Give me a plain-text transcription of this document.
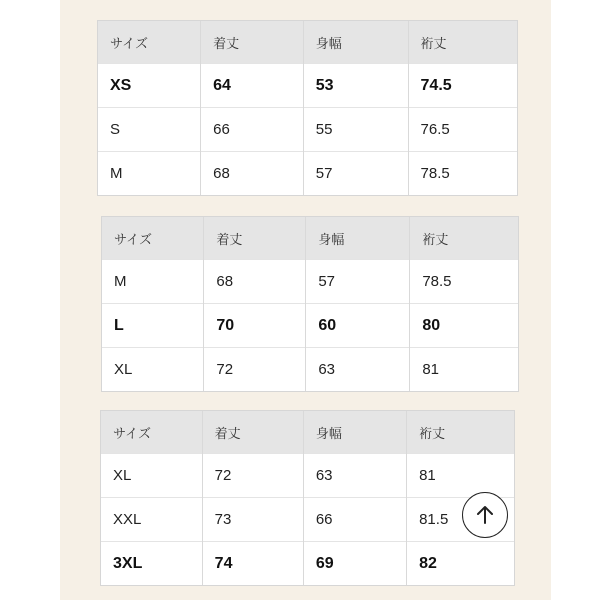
サイズ	着丈	身幅	裄丈
XS	64	53	74.5
S	66	55	76.5
M	68	57	78.5
サイズ	着丈	身幅	裄丈
M	68	57	78.5
L	70	60	80
XL	72	63	81
サイズ	着丈	身幅	裄丈
XL	72	63	81
XXL	73	66	81.5
3XL	74	69	82
